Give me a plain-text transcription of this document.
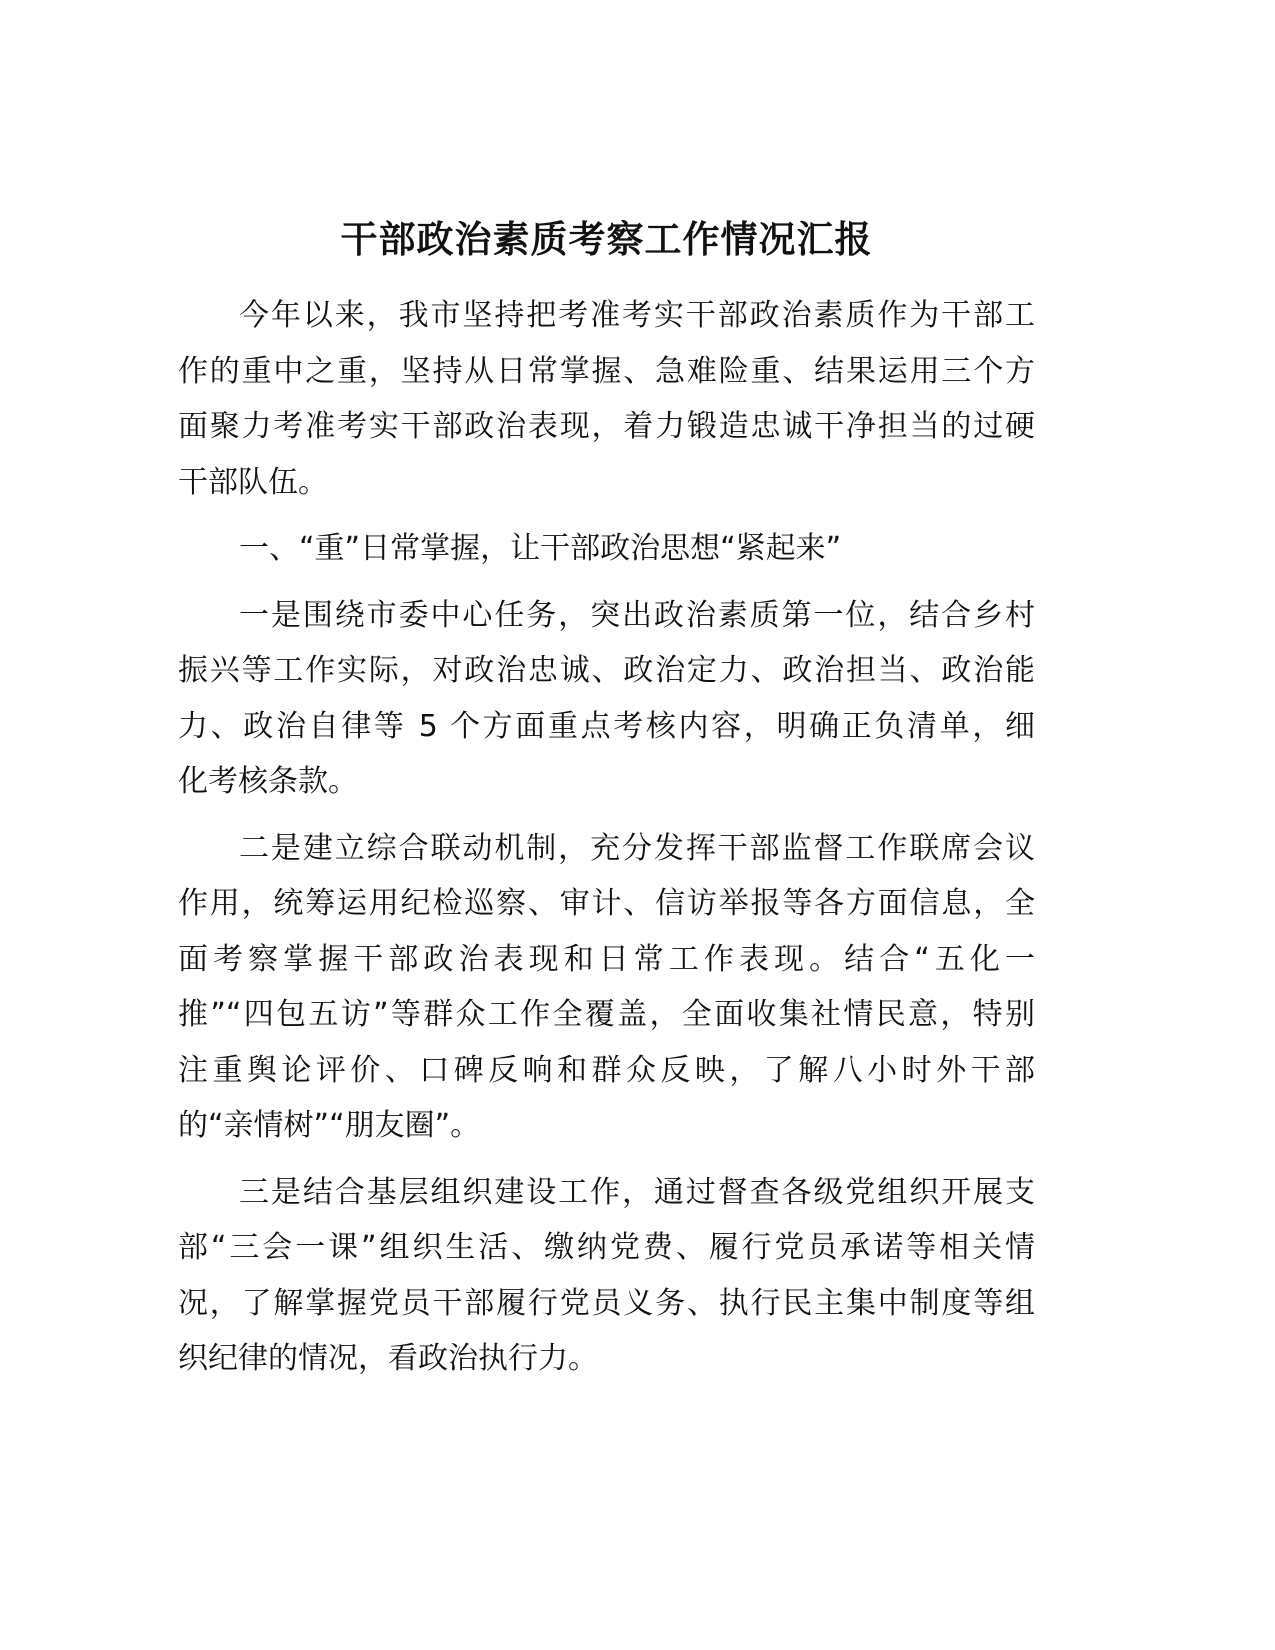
干部政治素质考察工作情况汇报
今年以来，我市坚持把考准考实干部政治素质作为干部工
作的重中之重，坚持从日常掌握、急难险重、结果运用三个方
面聚力考准考实干部政治表现，着力锻造忠诚干净担当的过硬
干部队伍。
一、“重”日常掌握，让干部政治思想“紧起来”
一是围绕市委中心任务，突出政治素质第一位，结合乡村
振兴等工作实际，对政治忠诚、政治定力、政治担当、政治能
力、政治自律等 5 个方面重点考核内容，明确正负清单，细
化考核条款。
二是建立综合联动机制，充分发挥干部监督工作联席会议
作用，统筹运用纪检巡察、审计、信访举报等各方面信息，全
面考察掌握干部政治表现和日常工作表现。结合“五化一
推”“四包五访”等群众工作全覆盖，全面收集社情民意，特别
注重舆论评价、口碑反响和群众反映，了解八小时外干部
的“亲情树”“朋友圈”。
三是结合基层组织建设工作，通过督查各级党组织开展支
部“三会一课”组织生活、缴纳党费、履行党员承诺等相关情
况，了解掌握党员干部履行党员义务、执行民主集中制度等组
织纪律的情况，看政治执行力。
